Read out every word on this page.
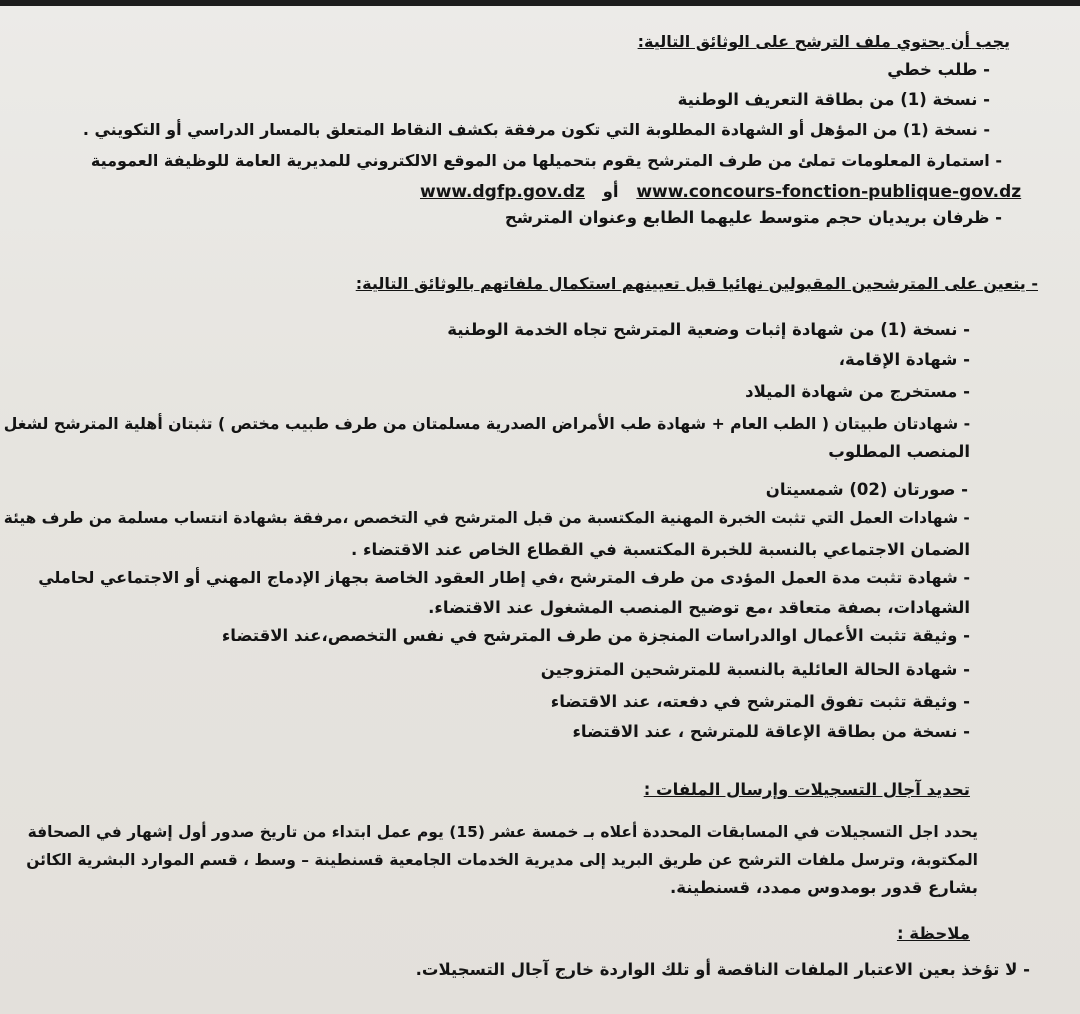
يجب أن يحتوي ملف الترشح على الوثائق التالية:
- طلب خطي
- نسخة (1) من بطاقة التعريف الوطنية
- نسخة (1) من المؤهل أو الشهادة المطلوبة التي تكون مرفقة بكشف النقاط المتعلق بالمسار الدراسي أو التكويني .
- استمارة المعلومات تملئ من طرف المترشح يقوم بتحميلها من الموقع الالكتروني للمديرية العامة للوظيفة العمومية
www.dgfp.gov.dz أو www.concours-fonction-publique-gov.dz
- ظرفان بريديان حجم متوسط عليهما الطابع وعنوان المترشح
- يتعين على المترشحين المقبولين نهائيا قبل تعيينهم استكمال ملفاتهم بالوثائق التالية:
- نسخة (1) من شهادة إثبات وضعية المترشح تجاه الخدمة الوطنية
- شهادة الإقامة،
- مستخرج من شهادة الميلاد
- شهادتان طبيتان ( الطب العام + شهادة طب الأمراض الصدرية مسلمتان من طرف طبيب مختص ) تثبتان أهلية المترشح لشغل
المنصب المطلوب
- صورتان (02) شمسيتان
- شهادات العمل التي تثبت الخبرة المهنية المكتسبة من قبل المترشح في التخصص ،مرفقة بشهادة انتساب مسلمة من طرف هيئة
الضمان الاجتماعي بالنسبة للخبرة المكتسبة في القطاع الخاص عند الاقتضاء .
- شهادة تثبت مدة العمل المؤدى من طرف المترشح ،في إطار العقود الخاصة بجهاز الإدماج المهني أو الاجتماعي لحاملي
الشهادات، بصفة متعاقد ،مع توضيح المنصب المشغول عند الاقتضاء.
- وثيقة تثبت الأعمال اوالدراسات المنجزة من طرف المترشح في نفس التخصص،عند الاقتضاء
- شهادة الحالة العائلية بالنسبة للمترشحين المتزوجين
- وثيقة تثبت تفوق المترشح في دفعته، عند الاقتضاء
- نسخة من بطاقة الإعاقة للمترشح ، عند الاقتضاء
تحديد آجال التسجيلات وإرسال الملفات :
يحدد اجل التسجيلات في المسابقات المحددة أعلاه بـ خمسة عشر (15) يوم عمل ابتداء من تاريخ صدور أول إشهار في الصحافة
المكتوبة، وترسل ملفات الترشح عن طريق البريد إلى مديرية الخدمات الجامعية قسنطينة – وسط ، قسم الموارد البشرية الكائن
بشارع قدور بومدوس ممدد، قسنطينة.
ملاحظة :
- لا تؤخذ بعين الاعتبار الملفات الناقصة أو تلك الواردة خارج آجال التسجيلات.
